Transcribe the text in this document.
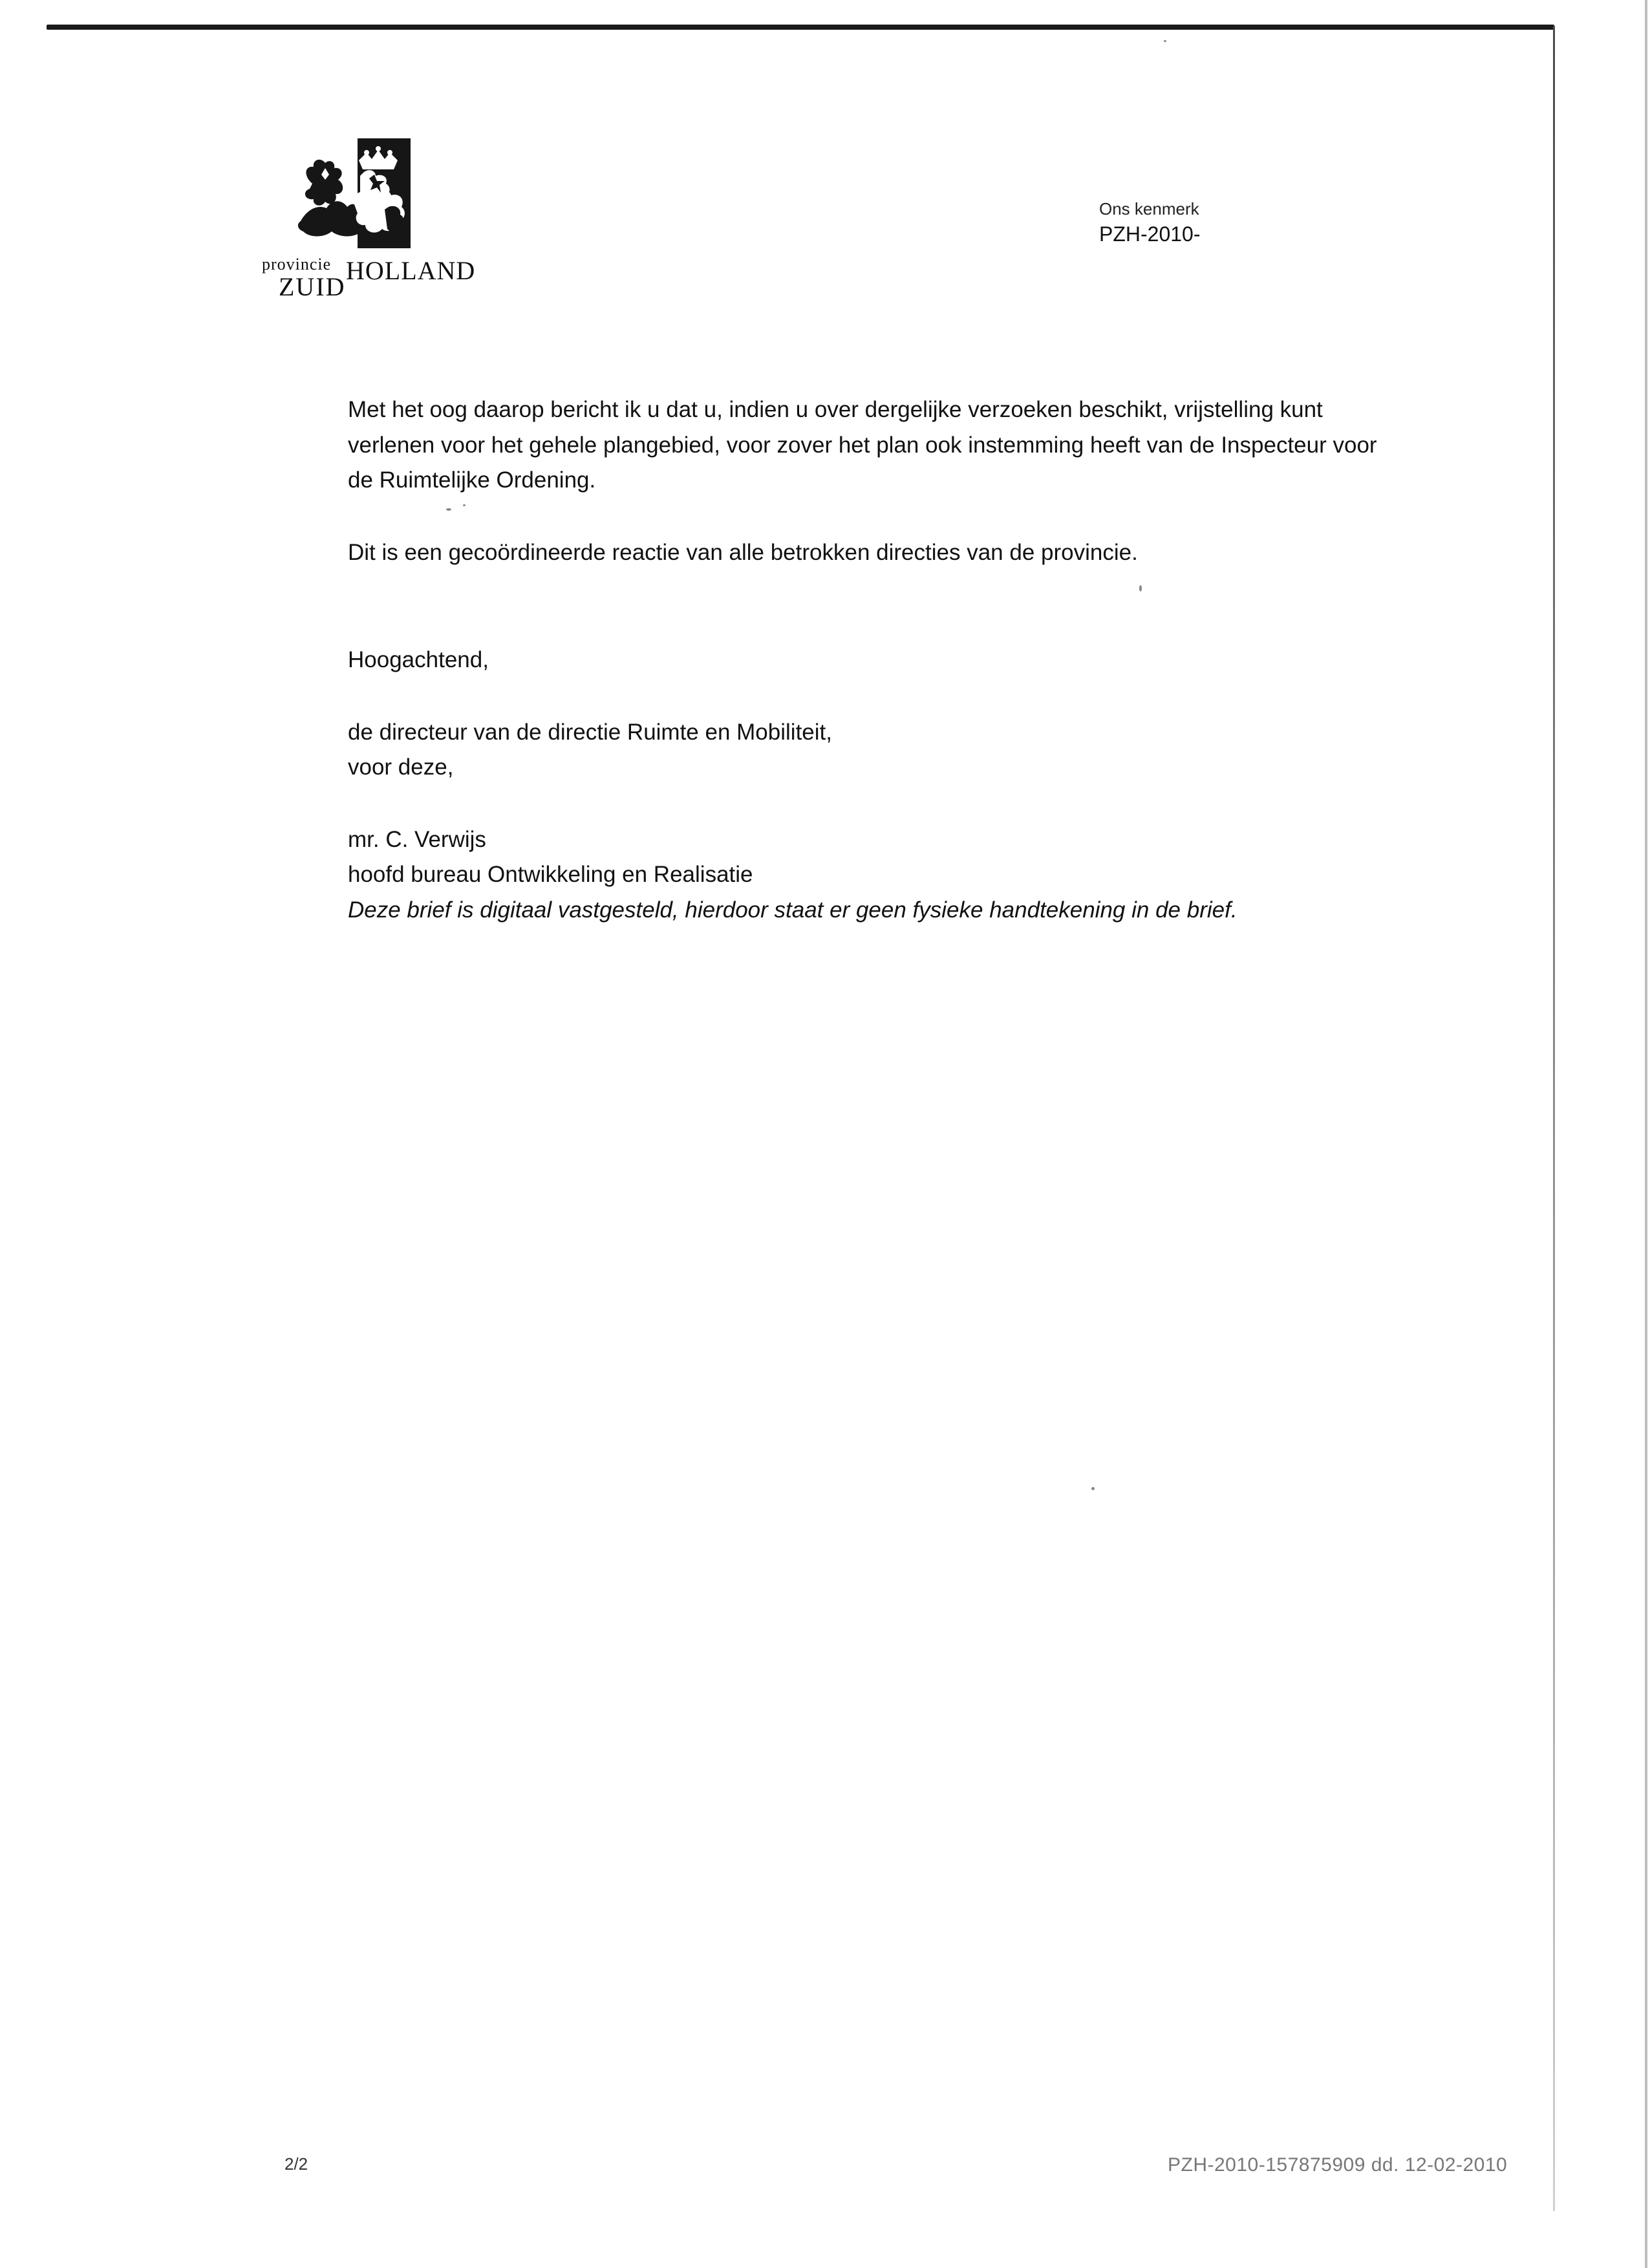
provincie HOLLAND
ZUID
Ons kenmerk
PZH-2010-

Met het oog daarop bericht ik u dat u, indien u over dergelijke verzoeken beschikt, vrijstelling kunt verlenen voor het gehele plangebied, voor zover het plan ook instemming heeft van de Inspecteur voor de Ruimtelijke Ordening.

Dit is een gecoördineerde reactie van alle betrokken directies van de provincie.

Hoogachtend,

de directeur van de directie Ruimte en Mobiliteit,

voor deze,

mr. C. Verwijs

hoofd bureau Ontwikkeling en Realisatie

Deze brief is digitaal vastgesteld, hierdoor staat er geen fysieke handtekening in de brief.

2/2	PZH-2010-157875909 dd. 12-02-2010
